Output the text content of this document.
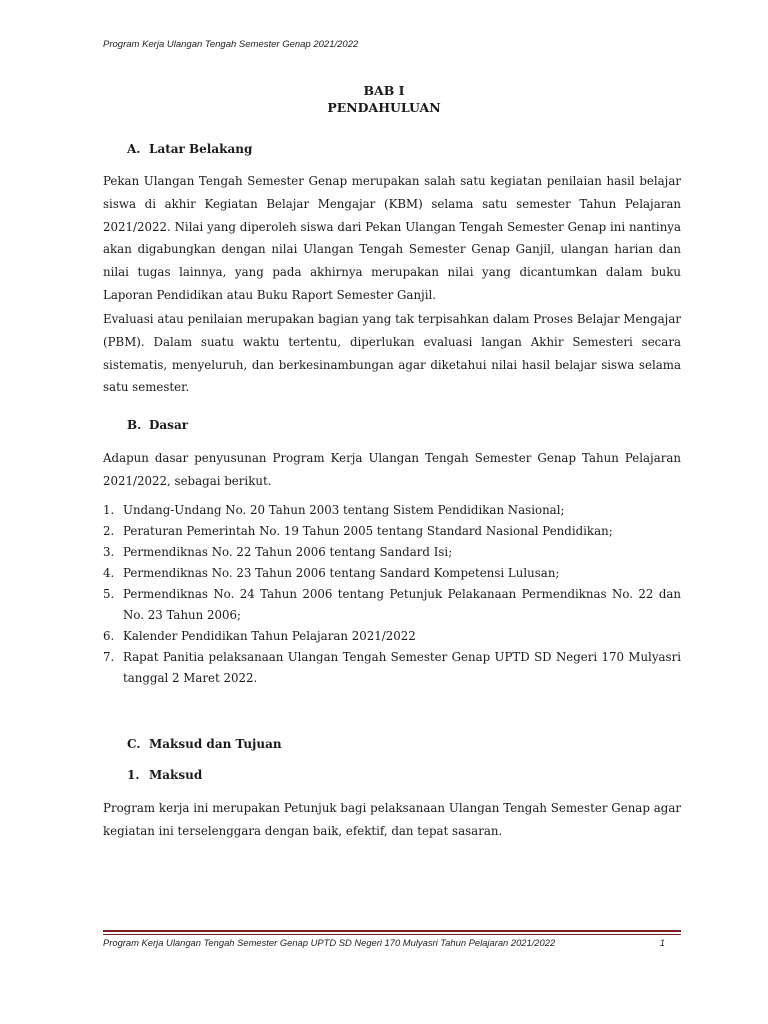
Program Kerja Ulangan Tengah Semester Genap 2021/2022
BAB I
PENDAHULUAN
A. Latar Belakang

Pekan Ulangan Tengah Semester Genap merupakan salah satu kegiatan penilaian hasil belajar siswa di akhir Kegiatan Belajar Mengajar (KBM) selama satu semester Tahun Pelajaran 2021/2022. Nilai yang diperoleh siswa dari Pekan Ulangan Tengah Semester Genap ini nantinya akan digabungkan dengan nilai Ulangan Tengah Semester Genap Ganjil, ulangan harian dan nilai tugas lainnya, yang pada akhirnya merupakan nilai yang dicantumkan dalam buku Laporan Pendidikan atau Buku Raport Semester Ganjil.

Evaluasi atau penilaian merupakan bagian yang tak terpisahkan dalam Proses Belajar Mengajar (PBM). Dalam suatu waktu tertentu, diperlukan evaluasi langan Akhir Semesteri secara sistematis, menyeluruh, dan berkesinambungan agar diketahui nilai hasil belajar siswa selama satu semester.

B. Dasar

Adapun dasar penyusunan Program Kerja Ulangan Tengah Semester Genap Tahun Pelajaran 2021/2022, sebagai berikut.

1. Undang-Undang No. 20 Tahun 2003 tentang Sistem Pendidikan Nasional;
2. Peraturan Pemerintah No. 19 Tahun 2005 tentang Standard Nasional Pendidikan;
3. Permendiknas No. 22 Tahun 2006 tentang Sandard Isi;
4. Permendiknas No. 23 Tahun 2006 tentang Sandard Kompetensi Lulusan;
5. Permendiknas No. 24 Tahun 2006 tentang Petunjuk Pelakanaan Permendiknas No. 22 dan No. 23 Tahun 2006;
6. Kalender Pendidikan Tahun Pelajaran 2021/2022
7. Rapat Panitia pelaksanaan Ulangan Tengah Semester Genap UPTD SD Negeri 170 Mulyasri tanggal 2 Maret 2022.
C. Maksud dan Tujuan
1. Maksud

Program kerja ini merupakan Petunjuk bagi pelaksanaan Ulangan Tengah Semester Genap agar kegiatan ini terselenggara dengan baik, efektif, dan tepat sasaran.

Program Kerja Ulangan Tengah Semester Genap UPTD SD Negeri 170 Mulyasri Tahun Pelajaran 2021/2022	1
